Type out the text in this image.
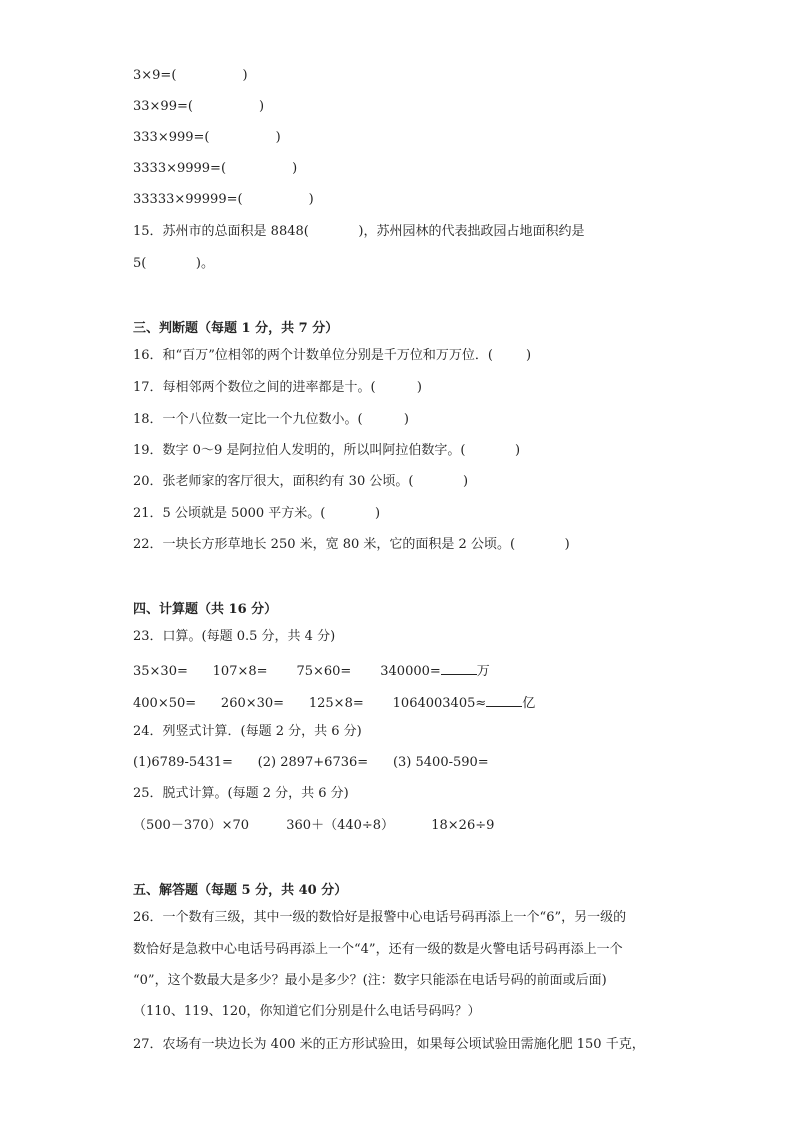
3×9=(                )
33×99=(                )
333×999=(                )
3333×9999=(                )
33333×99999=(                )
15．苏州市的总面积是 8848(            )，苏州园林的代表拙政园占地面积约是
5(            )。
三、判断题（每题 1 分，共 7 分）
16．和“百万”位相邻的两个计数单位分别是千万位和万万位．(        )
17．每相邻两个数位之间的进率都是十。(          )
18．一个八位数一定比一个九位数小。(          )
19．数字 0～9 是阿拉伯人发明的，所以叫阿拉伯数字。(            )
20．张老师家的客厅很大，面积约有 30 公顷。(            )
21．5 公顷就是 5000 平方米。(            )
22．一块长方形草地长 250 米，宽 80 米，它的面积是 2 公顷。(            )
四、计算题（共 16 分）
23．口算。(每题 0.5 分，共 4 分)
35×30=      107×8=       75×60=       340000=	万
400×50=      260×30=      125×8=       1064003405≈	亿
24．列竖式计算．(每题 2 分，共 6 分)
(1)6789-5431=      (2) 2897+6736=      (3) 5400-590=
25．脱式计算。(每题 2 分，共 6 分)
（500－370）×70         360＋（440÷8）         18×26÷9
五、解答题（每题 5 分，共 40 分）
26．一个数有三级，其中一级的数恰好是报警中心电话号码再添上一个“6”，另一级的
数恰好是急救中心电话号码再添上一个“4”，还有一级的数是火警电话号码再添上一个
“0”，这个数最大是多少？最小是多少？(注：数字只能添在电话号码的前面或后面)
（110、119、120，你知道它们分别是什么电话号码吗？）
27．农场有一块边长为 400 米的正方形试验田，如果每公顷试验田需施化肥 150 千克，
